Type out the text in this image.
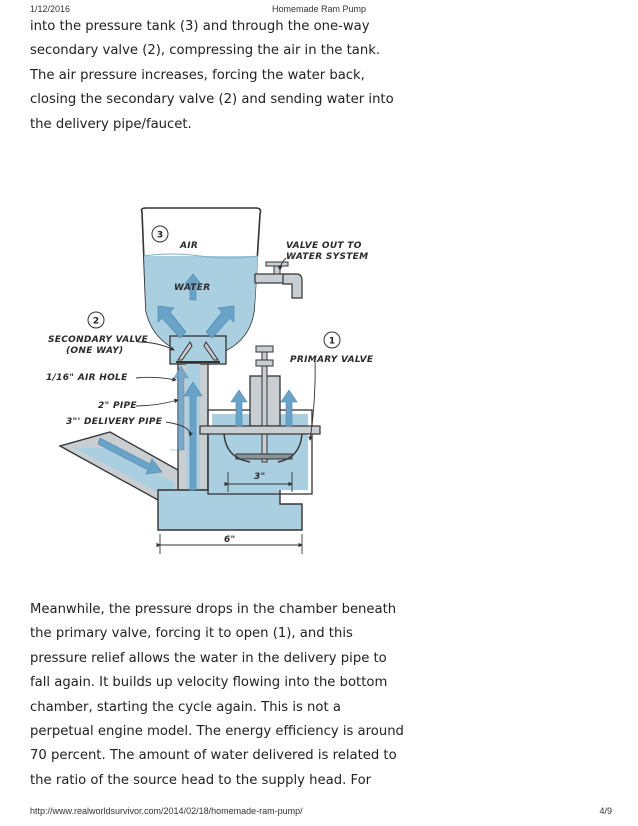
1/12/2016	Homemade Ram Pump

into the pressure tank (3) and through the one-way

secondary valve (2), compressing the air in the tank.

The air pressure increases, forcing the water back,

closing the secondary valve (2) and sending water into

the delivery pipe/faucet.

3
2
1
AIR
WATER
VALVE OUT TO
WATER SYSTEM
SECONDARY VALVE
(ONE WAY)
PRIMARY VALVE
1/16" AIR HOLE
2" PIPE
3"' DELIVERY PIPE
3"
6"

Meanwhile, the pressure drops in the chamber beneath

the primary valve, forcing it to open (1), and this

pressure relief allows the water in the delivery pipe to

fall again. It builds up velocity flowing into the bottom

chamber, starting the cycle again. This is not a

perpetual engine model. The energy efficiency is around

70 percent. The amount of water delivered is related to

the ratio of the source head to the supply head. For

http://www.realworldsurvivor.com/2014/02/18/homemade-ram-pump/	4/9
